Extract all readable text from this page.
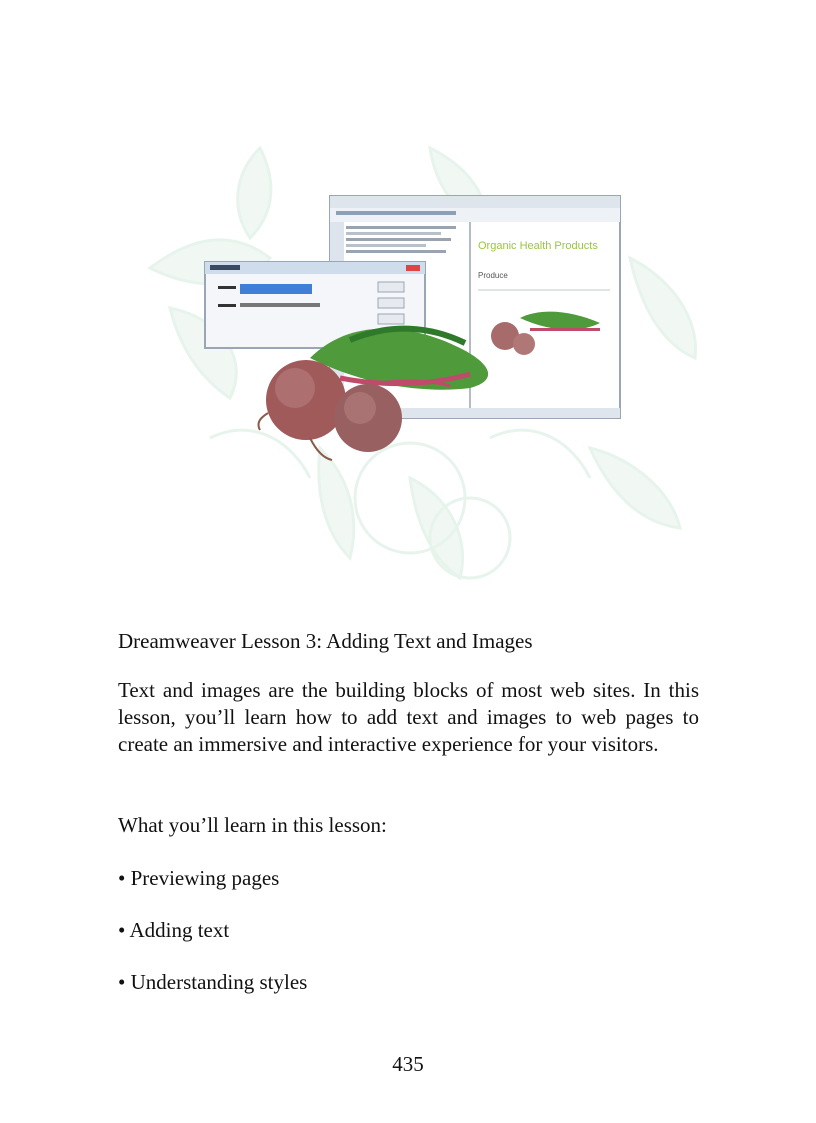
Organic Health Products
Produce
Dreamweaver Lesson 3: Adding Text and Images

Text and images are the building blocks of most web sites. In this lesson, you’ll learn how to add text and images to web pages to create an immersive and interactive experience for your visitors.

What you’ll learn in this lesson:

• Previewing pages

• Adding text

• Understanding styles

435
